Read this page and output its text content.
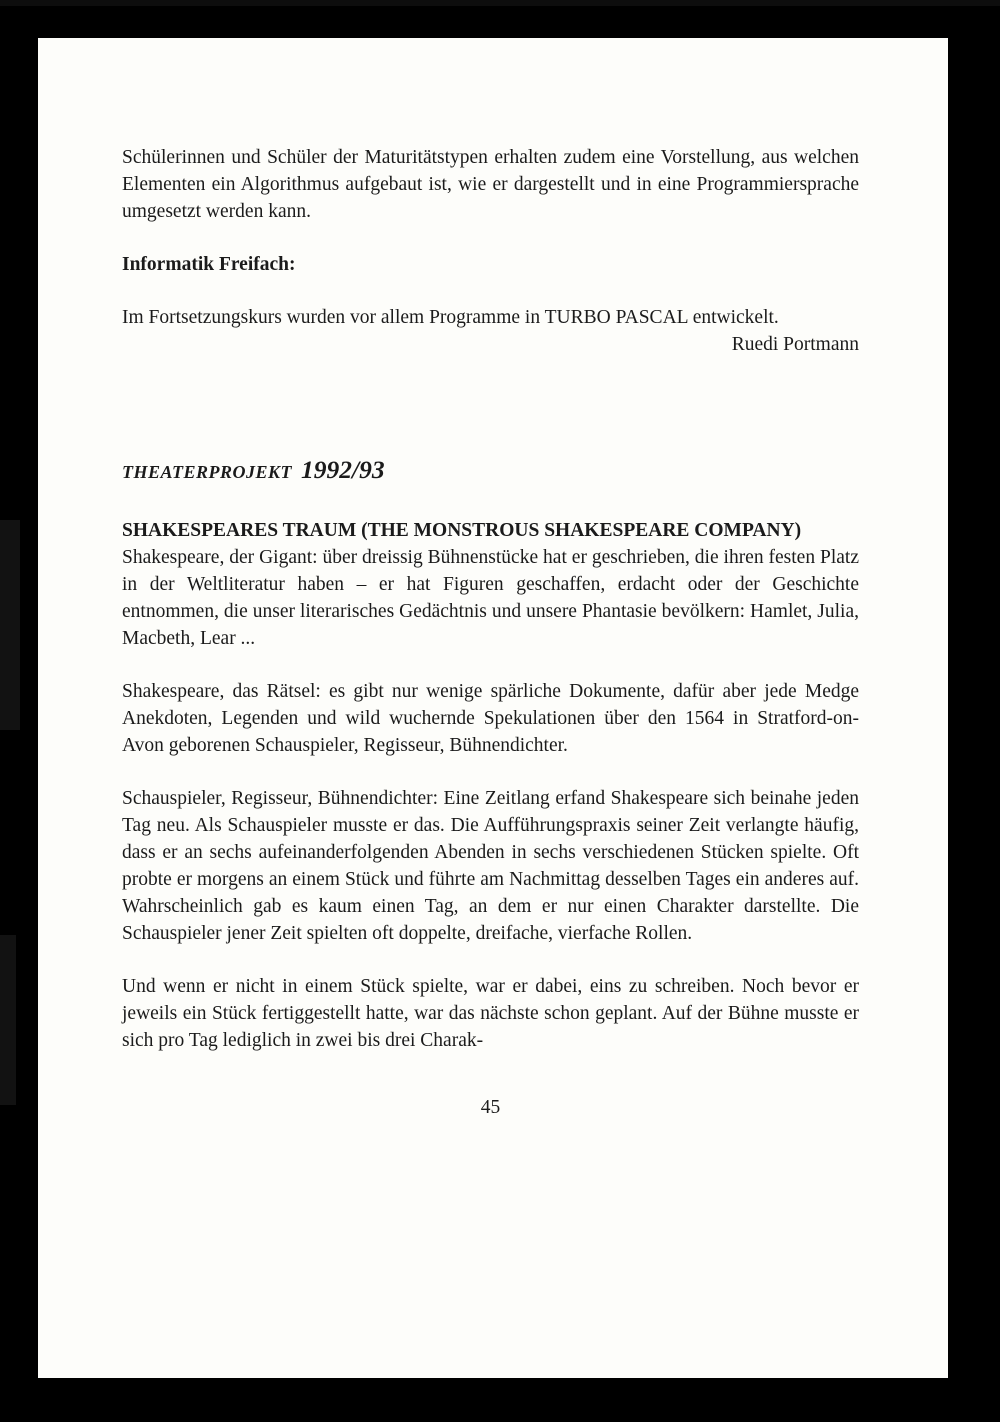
Schülerinnen und Schüler der Maturitätstypen erhalten zudem eine Vorstellung, aus welchen Elementen ein Algorithmus aufgebaut ist, wie er dargestellt und in eine Programmiersprache umgesetzt werden kann.

Informatik Freifach:

Im Fortsetzungskurs wurden vor allem Programme in TURBO PASCAL entwickelt.

Ruedi Portmann
THEATERPROJEKT 1992/93

SHAKESPEARES TRAUM (THE MONSTROUS SHAKESPEARE COMPANY)

Shakespeare, der Gigant: über dreissig Bühnenstücke hat er geschrieben, die ihren festen Platz in der Weltliteratur haben – er hat Figuren geschaffen, erdacht oder der Geschichte entnommen, die unser literarisches Gedächtnis und unsere Phantasie bevölkern: Hamlet, Julia, Macbeth, Lear ...

Shakespeare, das Rätsel: es gibt nur wenige spärliche Dokumente, dafür aber jede Medge Anekdoten, Legenden und wild wuchernde Spekulationen über den 1564 in Stratford-on-Avon geborenen Schauspieler, Regisseur, Bühnendichter.

Schauspieler, Regisseur, Bühnendichter: Eine Zeitlang erfand Shakespeare sich beinahe jeden Tag neu. Als Schauspieler musste er das. Die Aufführungspraxis seiner Zeit verlangte häufig, dass er an sechs aufeinanderfolgenden Abenden in sechs verschiedenen Stücken spielte. Oft probte er morgens an einem Stück und führte am Nachmittag desselben Tages ein anderes auf. Wahrscheinlich gab es kaum einen Tag, an dem er nur einen Charakter darstellte. Die Schauspieler jener Zeit spielten oft doppelte, dreifache, vierfache Rollen.

Und wenn er nicht in einem Stück spielte, war er dabei, eins zu schreiben. Noch bevor er jeweils ein Stück fertiggestellt hatte, war das nächste schon geplant. Auf der Bühne musste er sich pro Tag lediglich in zwei bis drei Charak-

45
